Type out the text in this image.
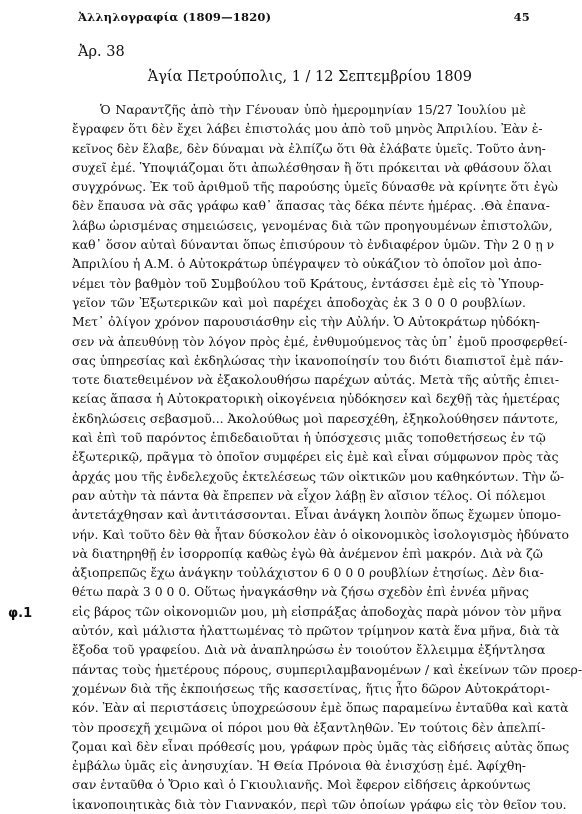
Ἀλληλογραφία (1809—1820)	45
Ἀρ. 38
Ἁγία Πετρούπολις, 1 / 12 Σεπτεμβρίου 1809
φ.1
Ὁ Ναραντζῆς ἀπὸ τὴν Γένουαν ὑπὸ ἡμερομηνίαν 15/27 Ἰουλίου μὲ
ἔγραφεν ὅτι δὲν ἔχει λάβει ἐπιστολάς μου ἀπὸ τοῦ μηνὸς Ἀπριλίου. Ἐὰν ἐ-
κεῖνος δὲν ἔλαβε, δὲν δύναμαι νὰ ἐλπίζω ὅτι θὰ ἐλάβατε ὑμεῖς. Τοῦτο ἀνη-
συχεῖ ἐμέ. Ὑποψιάζομαι ὅτι ἀπωλέσθησαν ἢ ὅτι πρόκειται νὰ φθάσουν ὅλαι
συγχρόνως. Ἐκ τοῦ ἀριθμοῦ τῆς παρούσης ὑμεῖς δύνασθε νὰ κρίνητε ὅτι ἐγὼ
δὲν ἔπαυσα νὰ σᾶς γράφω καθ᾽ ἅπασας τὰς δέκα πέντε ἡμέρας. .Θὰ ἐπανα-
λάβω ὡρισμένας σημειώσεις, γενομένας διὰ τῶν προηγουμένων ἐπιστολῶν,
καθ᾽ ὅσον αὐταὶ δύνανται ὅπως ἐπισύρουν τὸ ἐνδιαφέρον ὑμῶν. Τὴν 2 0 ῃ ν
Ἀπριλίου ἡ Α.Μ. ὁ Αὐτοκράτωρ ὑπέγραψεν τὸ οὐκάζιον τὸ ὁποῖον μοὶ ἀπο-
νέμει τὸν βαθμὸν τοῦ Συμβούλου τοῦ Κράτους, ἐντάσσει ἐμὲ εἰς τὸ Ὑπουρ-
γεῖον τῶν Ἐξωτερικῶν καὶ μοὶ παρέχει ἀποδοχὰς ἐκ 3 0 0 0 ρουβλίων.
Μετ᾽ ὀλίγον χρόνον παρουσιάσθην εἰς τὴν Αὐλήν. Ὁ Αὐτοκράτωρ ηὐδόκη-
σεν νὰ ἀπευθύνῃ τὸν λόγον πρὸς ἐμέ, ἐνθυμούμενος τὰς ὑπ᾽ ἐμοῦ προσφερθεί-
σας ὑπηρεσίας καὶ ἐκδηλώσας τὴν ἱκανοποίησίν του διότι διαπιστοῖ ἐμὲ πάν-
τοτε διατεθειμένον νὰ ἐξακολουθήσω παρέχων αὐτάς. Μετὰ τῆς αὐτῆς ἐπιει-
κείας ἅπασα ἡ Αὐτοκρατορικὴ οἰκογένεια ηὐδόκησεν καὶ δεχθῇ τὰς ἡμετέρας
ἐκδηλώσεις σεβασμοῦ... Ἀκολούθως μοὶ παρεσχέθη, ἐξηκολούθησεν πάντοτε,
καὶ ἐπὶ τοῦ παρόντος ἐπιδεδαιοῦται ἡ ὑπόσχεσις μιᾶς τοποθετήσεως ἐν τῷ
ἐξωτερικῷ, πρᾶγμα τὸ ὁποῖον συμφέρει εἰς ἐμὲ καὶ εἶναι σύμφωνον πρὸς τὰς
ἀρχάς μου τῆς ἐνδελεχοῦς ἐκτελέσεως τῶν οἰκτικῶν μου καθηκόντων. Τὴν ὥ-
ραν αὐτὴν τὰ πάντα θὰ ἔπρεπεν νὰ εἶχον λάβῃ ἓν αἴσιον τέλος. Οἱ πόλεμοι
ἀντετάχθησαν καὶ ἀντιτάσσονται. Εἶναι ἀνάγκη λοιπὸν ὅπως ἔχωμεν ὑπομο-
νήν. Καὶ τοῦτο δὲν θὰ ἦταν δύσκολον ἐὰν ὁ οἰκονομικὸς ἰσολογισμὸς ἠδύνατο
νὰ διατηρηθῇ ἐν ἰσορροπίᾳ καθὼς ἐγὼ θὰ ἀνέμενον ἐπὶ μακρόν. Διὰ νὰ ζῶ
ἀξιοπρεπῶς ἔχω ἀνάγκην τοὐλάχιστον 6 0 0 0 ρουβλίων ἐτησίως. Δὲν δια-
θέτω παρὰ 3 0 0 0. Οὕτως ἠναγκάσθην νὰ ζήσω σχεδὸν ἐπὶ ἐννέα μῆνας
εἰς βάρος τῶν οἰκονομιῶν μου, μὴ εἰσπράξας ἀποδοχὰς παρὰ μόνον τὸν μῆνα
αὐτόν, καὶ μάλιστα ἠλαττωμένας τὸ πρῶτον τρίμηνον κατὰ ἕνα μῆνα, διὰ τὰ
ἔξοδα τοῦ γραφείου. Διὰ νὰ ἀναπληρώσω ἐν τοιούτον ἔλλειμμα ἐξήντλησα
πάντας τοὺς ἡμετέρους πόρους, συμπεριλαμβανομένων / καὶ ἐκείνων τῶν προερ-
χομένων διὰ τῆς ἐκποιήσεως τῆς κασσετίνας, ἥτις ἦτο δῶρον Αὐτοκράτορι-
κόν. Ἐὰν αἱ περιστάσεις ὑποχρεώσουν ἐμὲ ὅπως παραμείνω ἐνταῦθα καὶ κατὰ
τὸν προσεχῆ χειμῶνα οἱ πόροι μου θὰ ἐξαντληθῶν. Ἐν τούτοις δὲν ἀπελπί-
ζομαι καὶ δὲν εἶναι πρόθεσίς μου, γράφων πρὸς ὑμᾶς τὰς εἰδήσεις αὐτὰς ὅπως
ἐμβάλω ὑμᾶς εἰς ἀνησυχίαν. Ἡ Θεία Πρόνοια θὰ ἐνισχύσῃ ἐμέ. Ἀφίχθη-
σαν ἐνταῦθα ὁ Ὄριο καὶ ὁ Γκιουλιανῆς. Μοὶ ἔφερον εἰδήσεις ἀρκούντως
ἱκανοποιητικὰς διὰ τὸν Γιαννακόν, περὶ τῶν ὁποίων γράφω εἰς τὸν θεῖον του.
